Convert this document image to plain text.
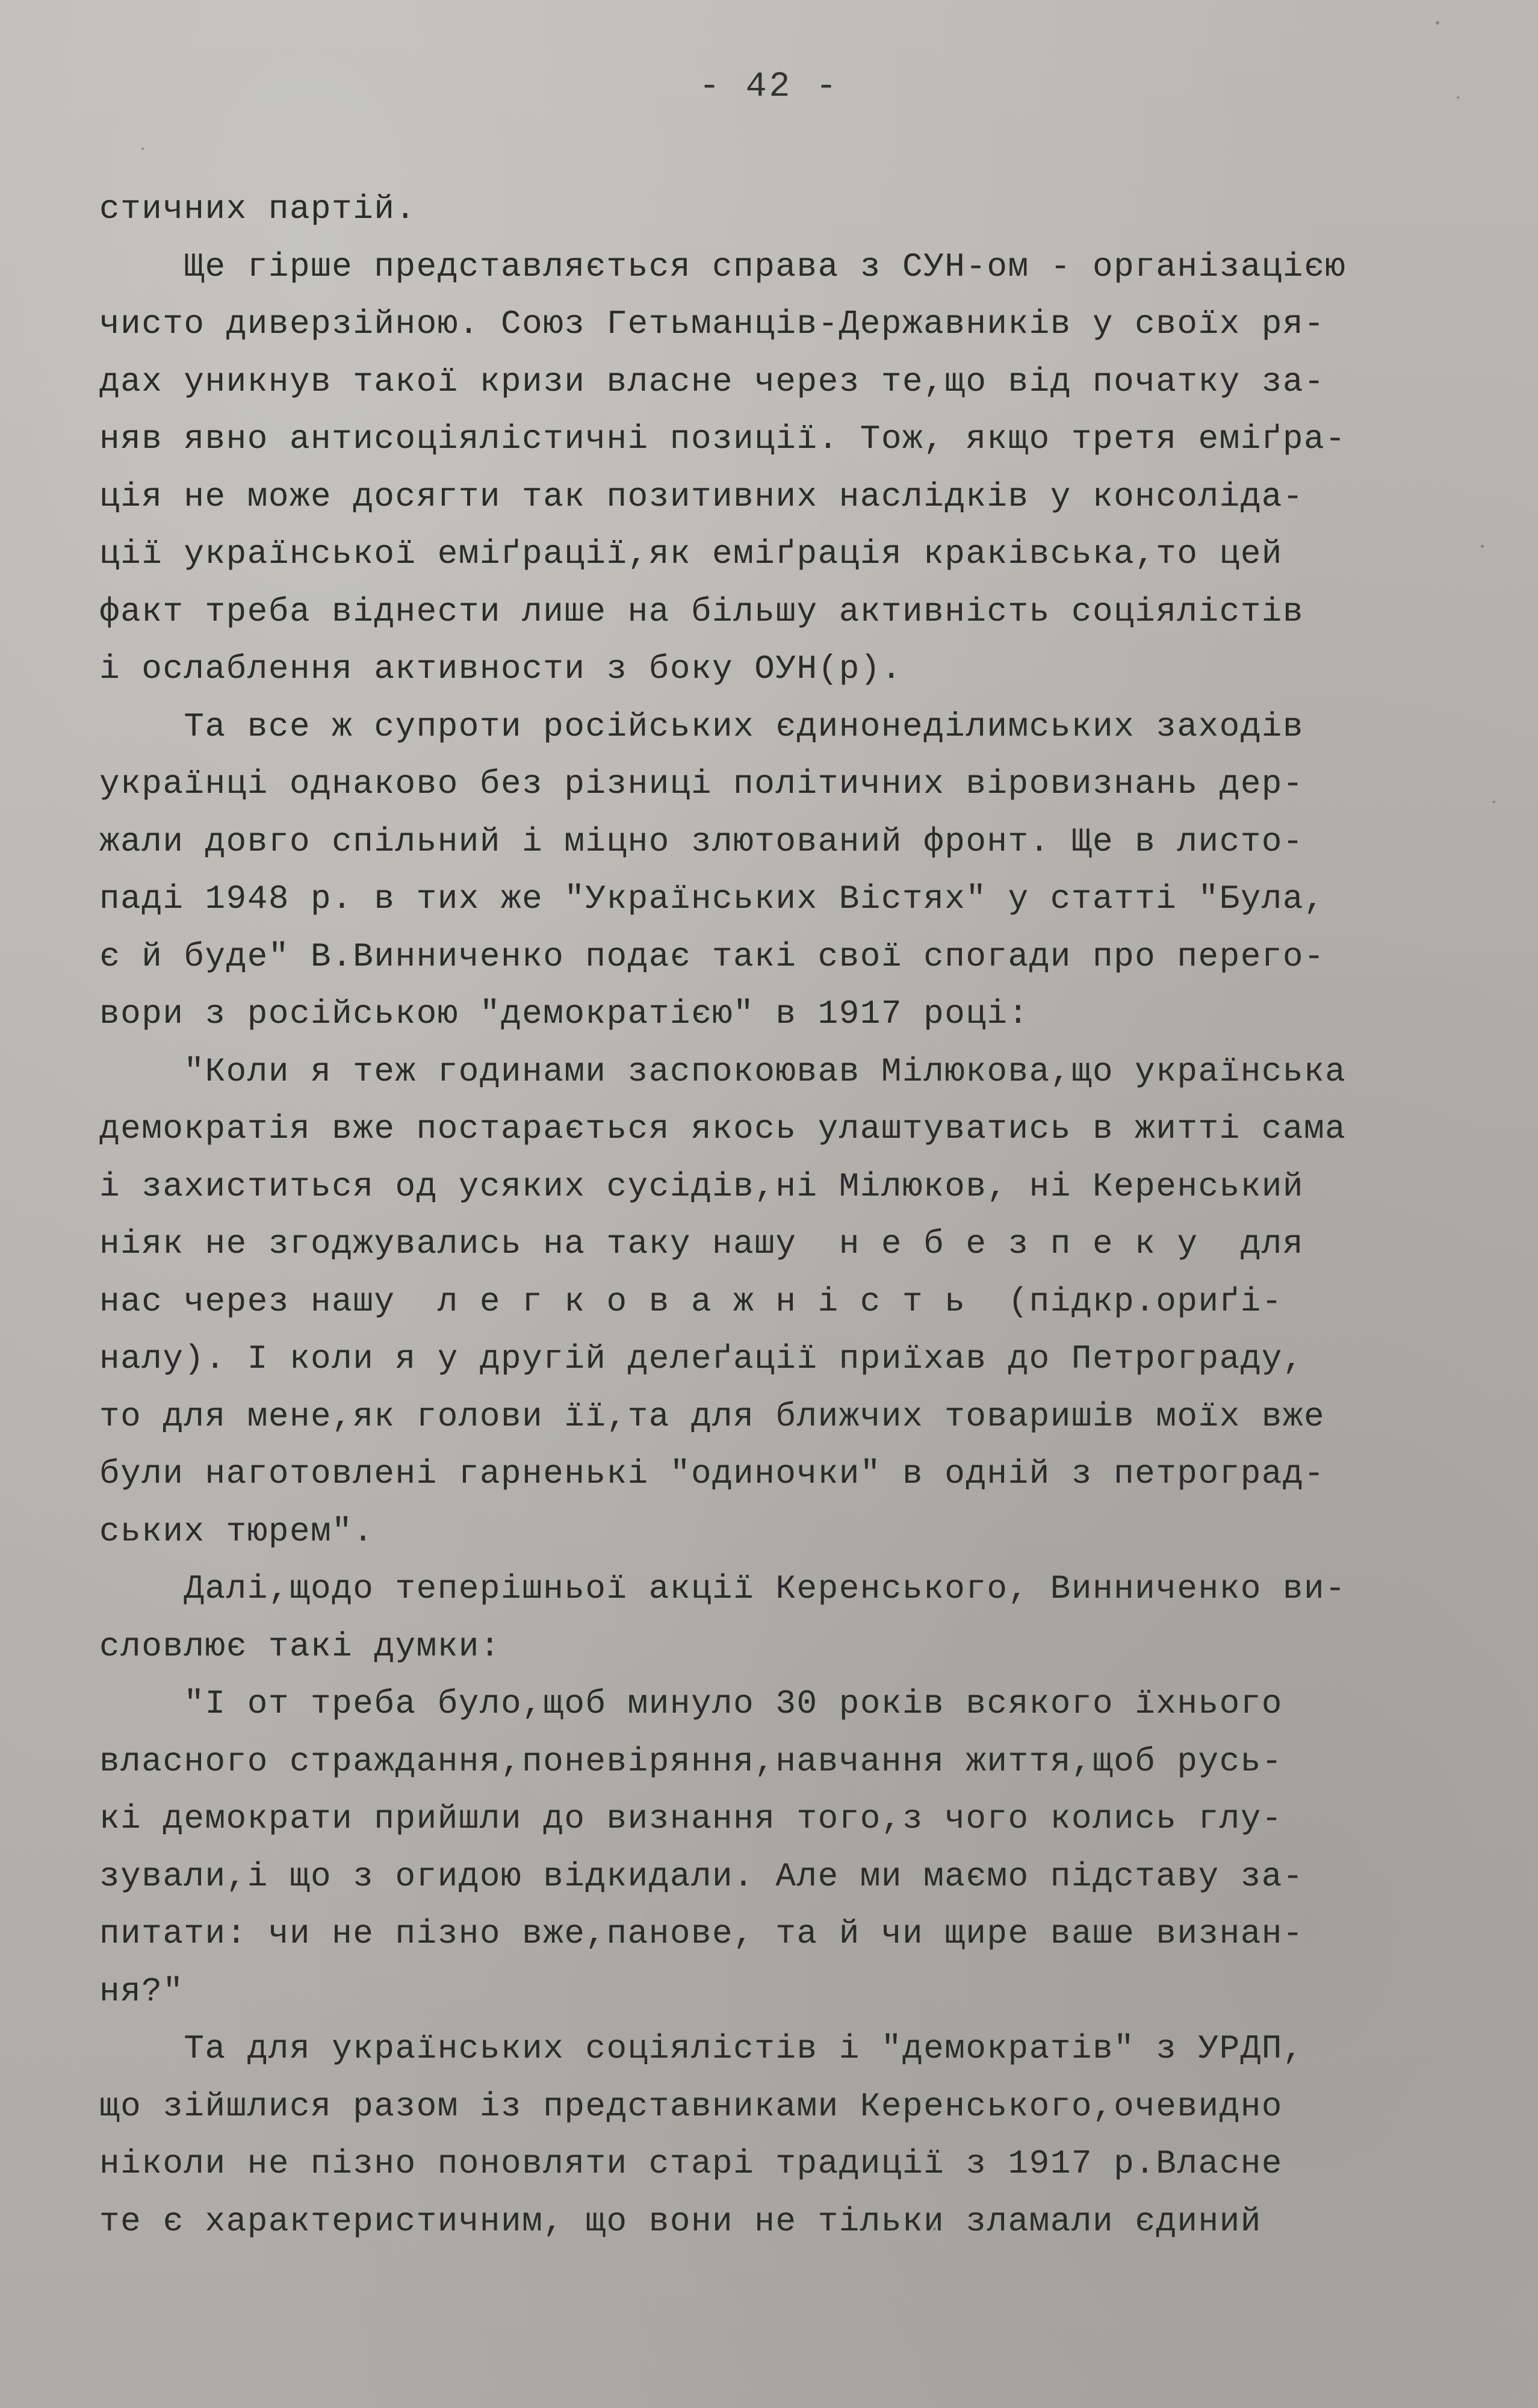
- 42 -
стичних партій.
Ще гірше представляється справа з СУН-ом - організацією
чисто диверзійною. Союз Гетьманців-Державників у своїх ря-
дах уникнув такої кризи власне через те,що від початку за-
няв явно антисоціялістичні позиції. Тож, якщо третя еміґра-
ція не може досягти так позитивних наслідків у консоліда-
ції української еміґрації,як еміґрація краківська,то цей
факт треба віднести лише на більшу активність соціялістів
і ослаблення активности з боку ОУН(р).
Та все ж супроти російських єдинонеділимських заходів
українці однаково без різниці політичних віровизнань дер-
жали довго спільний і міцно злютований фронт. Ще в листо-
паді 1948 р. в тих же "Українських Вістях" у статті "Була,
є й буде" В.Винниченко подає такі свої спогади про перего-
вори з російською "демократією" в 1917 році:
"Коли я теж годинами заспокоював Мілюкова,що українська
демократія вже постарається якось улаштуватись в житті сама
і захиститься од усяких сусідів,ні Мілюков, ні Керенський
ніяк не згоджувались на таку нашу  н е б е з п е к у  для
нас через нашу  л е г к о в а ж н і с т ь  (підкр.ориґі-
налу). І коли я у другій делеґації приїхав до Петрограду,
то для мене,як голови її,та для ближчих товаришів моїх вже
були наготовлені гарненькі "одиночки" в одній з петроград-
ських тюрем".
Далі,щодо теперішньої акції Керенського, Винниченко ви-
словлює такі думки:
"І от треба було,щоб минуло 30 років всякого їхнього
власного страждання,поневіряння,навчання життя,щоб русь-
кі демократи прийшли до визнання того,з чого колись глу-
зували,і що з огидою відкидали. Але ми маємо підставу за-
питати: чи не пізно вже,панове, та й чи щире ваше визнан-
ня?"
Та для українських соціялістів і "демократів" з УРДП,
що зійшлися разом із представниками Керенського,очевидно
ніколи не пізно поновляти старі традиції з 1917 р.Власне
те є характеристичним, що вони не тільки зламали єдиний
